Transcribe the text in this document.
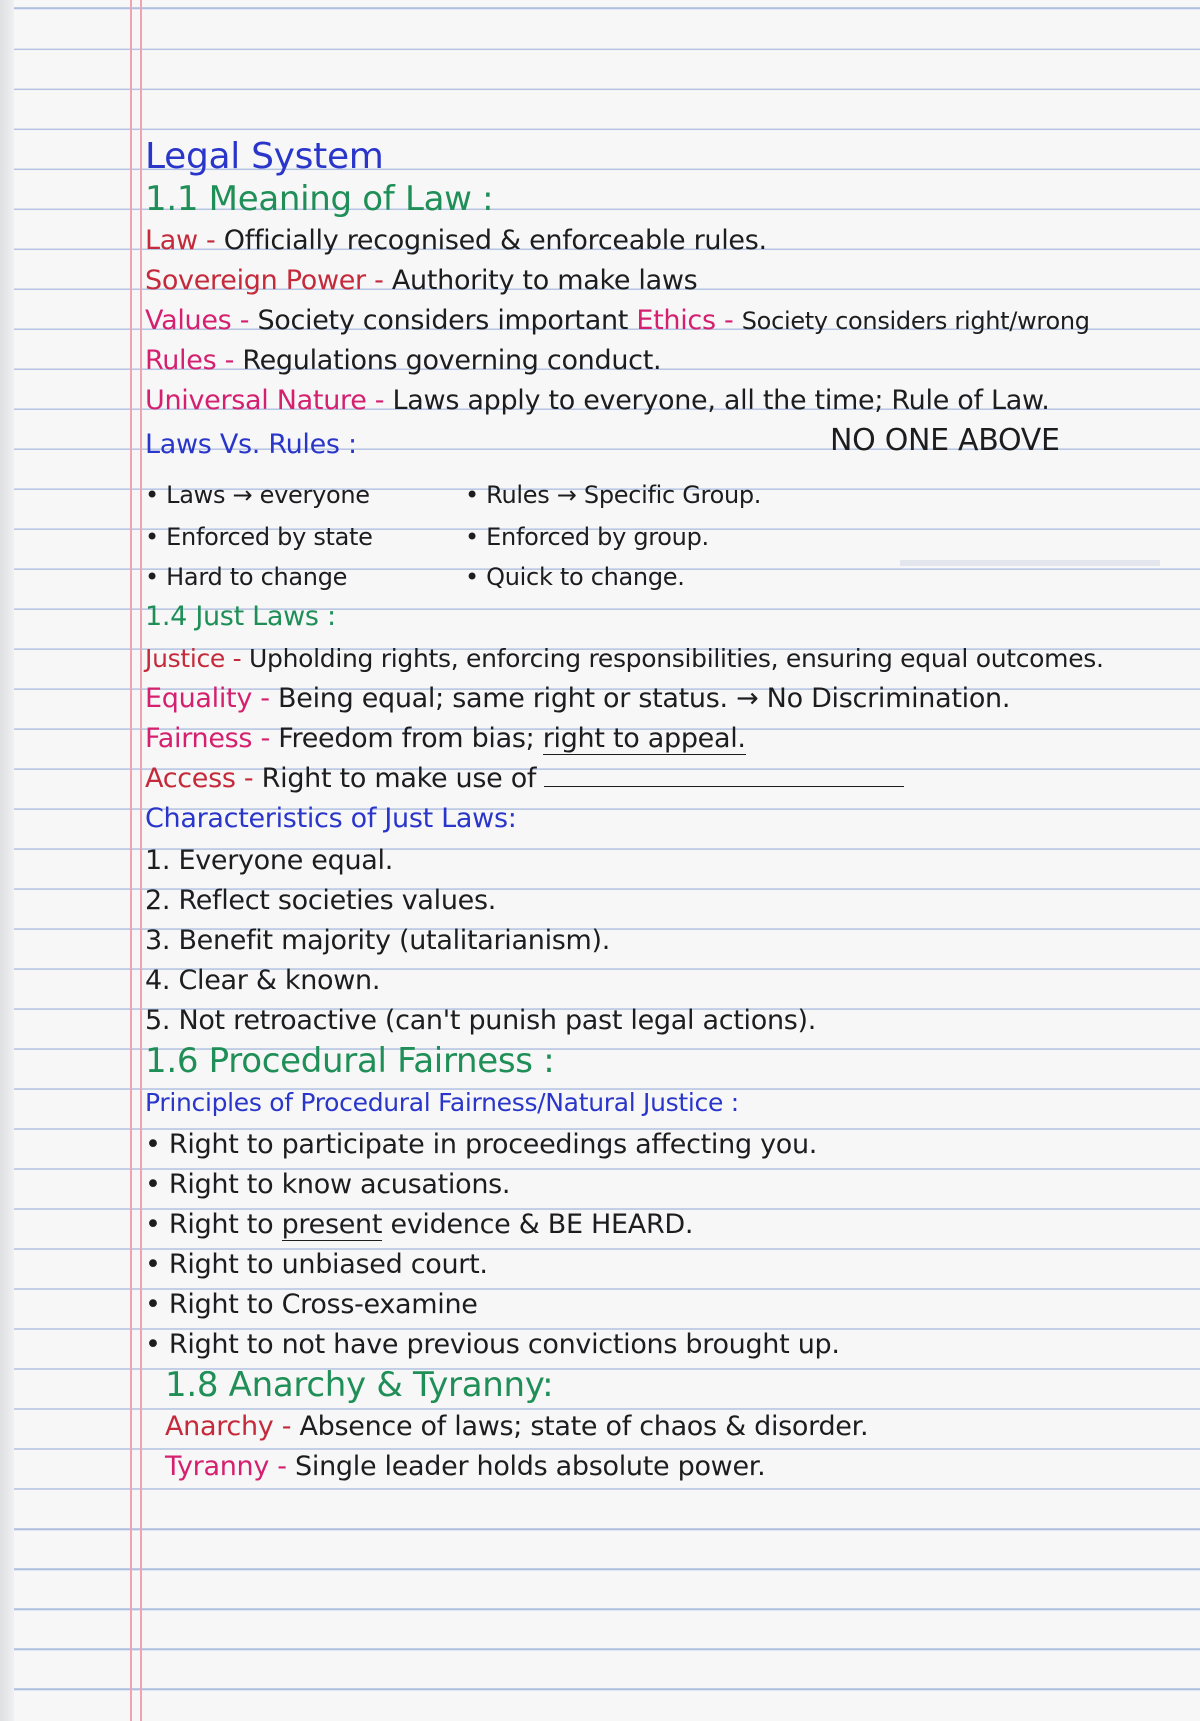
Legal System
1.1 Meaning of Law :
Law - Officially recognised & enforceable rules.
Sovereign Power - Authority to make laws
Values - Society considers important Ethics - Society considers right/wrong
Rules - Regulations governing conduct.
Universal Nature - Laws apply to everyone, all the time; Rule of Law.
NO ONE ABOVE
Laws Vs. Rules :
• Laws → everyone	• Rules → Specific Group.
• Enforced by state	• Enforced by group.
• Hard to change	• Quick to change.
1.4 Just Laws :
Justice - Upholding rights, enforcing responsibilities, ensuring equal outcomes.
Equality - Being equal; same right or status. → No Discrimination.
Fairness - Freedom from bias; right to appeal.
Access - Right to make use of
Characteristics of Just Laws:
1. Everyone equal.
2. Reflect societies values.
3. Benefit majority (utalitarianism).
4. Clear & known.
5. Not retroactive (can't punish past legal actions).
1.6 Procedural Fairness :
Principles of Procedural Fairness/Natural Justice :
• Right to participate in proceedings affecting you.
• Right to know acusations.
• Right to present evidence & BE HEARD.
• Right to unbiased court.
• Right to Cross-examine
• Right to not have previous convictions brought up.
1.8 Anarchy & Tyranny:
Anarchy - Absence of laws; state of chaos & disorder.
Tyranny - Single leader holds absolute power.
